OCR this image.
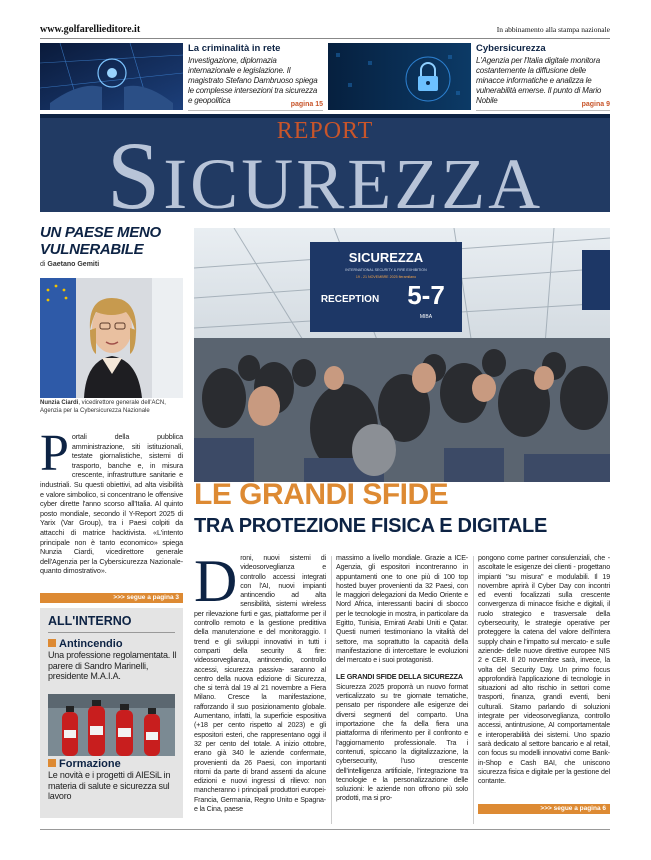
www.golfarellieditore.it	In abbinamento alla stampa nazionale
La criminalità in rete

Investigazione, diplomazia internazionale e legislazione. Il magistrato Stefano Dambruoso spiega le complesse intersezioni tra sicurezza e geopolitica	pagina 15
Cybersicurezza

L'Agenzia per l'Italia digitale monitora costantemente la diffusione delle minacce informatiche e analizza le vulnerabilità emerse. Il punto di Mario Nobile	pagina 9
REPORT
SICUREZZA
UN PAESE MENO VULNERABILE
di Gaetano Gemiti
Nunzia Ciardi, vicedirettore generale dell'ACN, Agenzia per la Cybersicurezza Nazionale
Portali della pubblica amministrazione, siti istituzionali, testate giornalistiche, sistemi di trasporto, banche e, in misura crescente, infrastrutture sanitarie e industriali. Su questi obiettivi, ad alta visibilità e valore simbolico, si concentrano le offensive cyber dirette l'anno scorso all'Italia. Al quinto posto mondiale, secondo il Y-Report 2025 di Yarix (Var Group), tra i Paesi colpiti da attacchi di matrice hacktivista. «L'intento principale non è tanto economico» spiega Nunzia Ciardi, vicedirettore generale dell'Agenzia per la Cybersicurezza Nazionale- quanto dimostrativo».
>>> segue a pagina 3
ALL'INTERNO
Antincendio

Una professione regolamentata. Il parere di Sandro Marinelli, presidente M.A.I.A.

Formazione

Le novità e i progetti di AIESiL in materia di salute e sicurezza sul lavoro

SICUREZZA
INTERNATIONAL SECURITY & FIRE EXHIBITION
19 - 21 NOVEMBRE 2025 fieramilano
RECEPTION 5-7
MIBA
LE GRANDI SFIDE
TRA PROTEZIONE FISICA E DIGITALE
Droni, nuovi sistemi di videosorveglianza e controllo accessi integrati con l'AI, nuovi impianti antincendio ad alta sensibilità, sistemi wireless per rilevazione furti e gas, piattaforme per il controllo remoto e la gestione predittiva della manutenzione e del monitoraggio. I trend e gli sviluppi innovativi in tutti i comparti della security & fire: videosorveglianza, antincendio, controllo accessi, sicurezza passiva- saranno al centro della nuova edizione di Sicurezza, che si terrà dal 19 al 21 novembre a Fiera Milano. Cresce la manifestazione, rafforzando il suo posizionamento globale. Aumentano, infatti, la superficie espositiva (+18 per cento rispetto al 2023) e gli espositori esteri, che rappresentano oggi il 32 per cento del totale. A inizio ottobre, erano già 340 le aziende confermate, provenienti da 26 Paesi, con importanti ritorni da parte di brand assenti da alcune edizioni e nuovi ingressi di rilievo: non mancheranno i principali produttori europei- Francia, Germania, Regno Unito e Spagna- e la Cina, paese
massimo a livello mondiale. Grazie a ICE-Agenzia, gli espositori incontreranno in appuntamenti one to one più di 100 top hosted buyer provenienti da 32 Paesi, con le maggiori delegazioni da Medio Oriente e Nord Africa, interessanti bacini di sbocco per le tecnologie in mostra, in particolare da Egitto, Tunisia, Emirati Arabi Uniti e Qatar. Questi numeri testimoniano la vitalità del settore, ma soprattutto la capacità della manifestazione di intercettare le evoluzioni del mercato e i suoi protagonisti.
LE GRANDI SFIDE DELLA SICUREZZA
Sicurezza 2025 proporrà un nuovo format verticalizzato su tre giornate tematiche, pensato per rispondere alle esigenze dei diversi segmenti del comparto. Una importazione che fa della fiera una piattaforma di riferimento per il confronto e l'aggiornamento professionale. Tra i contenuti, spiccano la digitalizzazione, la cybersecurity, l'uso crescente dell'intelligenza artificiale, l'integrazione tra tecnologie e la personalizzazione delle soluzioni: le aziende non offrono più solo prodotti, ma si pro-
pongono come partner consulenziali, che - ascoltate le esigenze dei clienti - progettano impianti "su misura" e modulabili. Il 19 novembre aprirà il Cyber Day con incontri ed eventi focalizzati sulla crescente convergenza di minacce fisiche e digitali, il ruolo strategico e trasversale della cybersecurity, le strategie operative per proteggere la catena del valore dell'intera supply chain e l'impatto sul mercato- e sulle aziende- delle nuove direttive europee NIS 2 e CER. Il 20 novembre sarà, invece, la volta del Security Day. Un primo focus approfondirà l'applicazione di tecnologie in situazioni ad alto rischio in settori come trasporti, finanza, grandi eventi, beni culturali. Sitamo parlando di soluzioni integrate per videosorveglianza, controllo accessi, antintrusione, AI comportamentale e interoperabilità dei sistemi. Uno spazio sarà dedicato al settore bancario e al retail, con focus su modelli innovativi come Bank-in-Shop e Cash BAI, che uniscono sicurezza fisica e digitale per la gestione del contante.
>>> segue a pagina 6
